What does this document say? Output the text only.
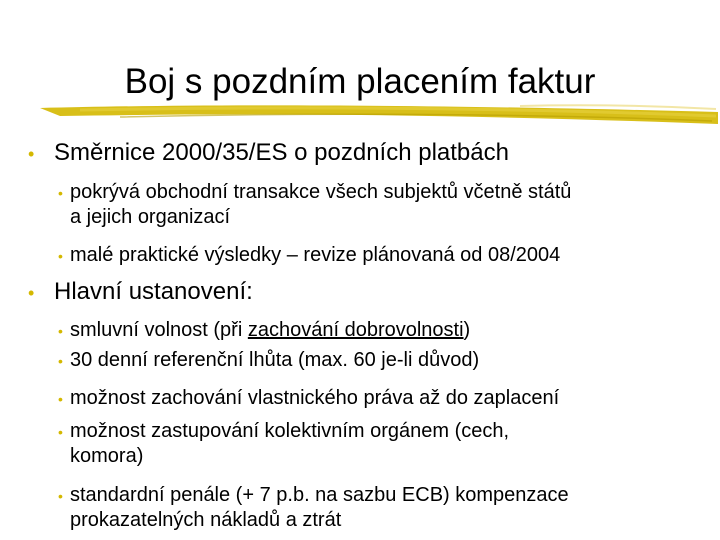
Boj s pozdním placením faktur
• Směrnice 2000/35/ES o pozdních platbách
• pokrývá obchodní transakce všech subjektů včetně států
a jejich organizací
• malé praktické výsledky – revize plánovaná od 08/2004
• Hlavní ustanovení:
• smluvní volnost (při zachování dobrovolnosti)
• 30 denní referenční lhůta (max. 60 je-li důvod)
• možnost zachování vlastnického práva až do zaplacení
• možnost zastupování kolektivním orgánem (cech,
komora)
• standardní penále (+ 7 p.b. na sazbu ECB) kompenzace
prokazatelných nákladů a ztrát
